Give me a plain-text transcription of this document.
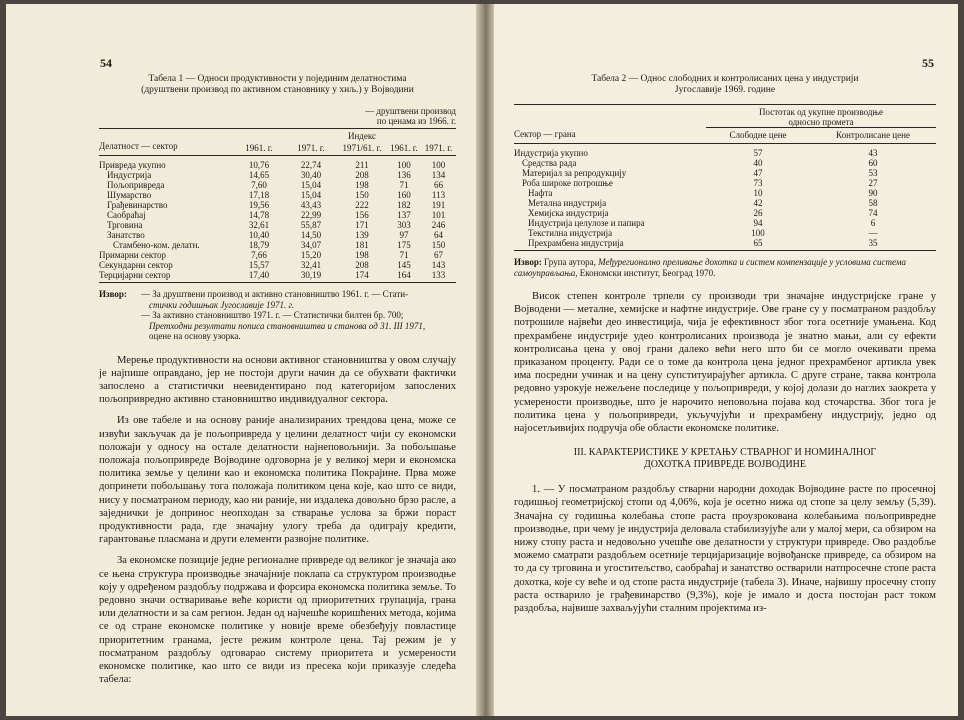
54
Табела 1 — Односи продуктивности у појединим делатностима
(друштвени производ по активном становнику у хиљ.) у Војводини
— друштвени производ
по ценама из 1966. г.
			Индекс		
Делатност — сектор	1961. г.	1971. г.	1971/61. г.	1961. г.	1971. г.
Привреда укупно	10,76	22,74	211	100	100
Индустрија	14,65	30,40	208	136	134
Пољопривреда	7,60	15,04	198	71	66
Шумарство	17,18	15,04	150	160	113
Грађевинарство	19,56	43,43	222	182	191
Саобраћај	14,78	22,99	156	137	101
Трговина	32,61	55,87	171	303	246
Занатство	10,40	14,50	139	97	64
Стамбено-ком. делатн.	18,79	34,07	181	175	150
Примарни сектор	7,66	15,20	198	71	67
Секундарни сектор	15,57	32,41	208	145	143
Терцијарни сектор	17,40	30,19	174	164	133
Извор:	— За друштвени производ и активно становништво 1961. г. — Стати-
стички годишњак Југославије 1971. г.
— За активно становништво 1971. г. — Статистички билтен бр. 700;
Претходни резултати пописа становништва и станова од 31. III 1971,
оцене на основу узорка.

Мерење продуктивности на основи активног становништва у овом случају је најпише оправдано, јер не постоји други начин да се обухвати фактички запослено а статистички неевидентирано под категоријом запослених пољопривредно активно становништво индивидуалног сектора.

Из ове табеле и на основу раније анализираних трендова цена, може се извући закључак да је пољопривреда у целини делатност чији су економски положаји у односу на остале делатности најнеповољнији. За побољшање положаја пољопривреде Војводине одговорна је у великој мери и економска политика земље у целини као и економска политика Покрајине. Прва може допринети побољшању тога положаја политиком цена које, као што се види, нису у посматраном периоду, као ни раније, ни издалека довољно брзо расле, а заједнички је допринос неопходан за стварање услова за бржи пораст продуктивности рада, где значајну улогу треба да одиграју кредити, гарантовање пласмана и други елементи развојне политике.

За економске позиције једне регионалне привреде од великог је значаја ако се њена структура производње значајније поклапа са структуром производње коју у одређеном раздобљу подржава и форсира економска политика земље. То редовно значи остваривање веће користи од приоритетних групација, грана или делатности и за сам регион. Један од најчешће коришћених метода, којима се од стране економске политике у новије време обезбеђују повластице приоритетним гранама, јесте режим контроле цена. Тај режим је у посматраном раздобљу одговарао систему приоритета и усмерености економске политике, као што се види из пресека који приказује следећа табела:

55
Табела 2 — Однос слободних и контролисаних цена у индустрији
Југославије 1969. године
Сектор — грана	Постотак од укупне производње
односно промета	

	Слободне цене	Контролисане цене
Индустрија укупно	57	43
Средства рада	40	60
Материјал за репродукцију	47	53
Роба широке потрошње	73	27
Нафта	10	90
Метална индустрија	42	58
Хемијска индустрија	26	74
Индустрија целулозе и папира	94	6
Текстилна индустрија	100	—
Прехрамбена индустрија	65	35
Извор: Група аутора, Међурегионално преливање дохотка и систем компензације у условима система самоуправљања, Економски институт, Београд 1970.

Висок степен контроле трпели су производи три значајне индустријске гране у Војводени — металне, хемијске и нафтне индустрије. Ове гране су у посматраном раздобљу потрошиле највећи део инвестиција, чија је ефективност због тога осетније умањена. Код прехрамбене индустрије удео контролисаних производа је знатно мањи, али су ефекти контролисања цена у овој грани далеко већи него што би се могло очекивати према приказаном проценту. Ради се о томе да контрола цена једног прехрамбеног артикла увек има посредни учинак и на цену супституирајућег артикла. С друге стране, таква контрола редовно узрокује нежељене последице у пољопривреди, у којој долази до наглих заокрета у усмерености производње, што је нарочито неповољна појава код сточарства. Због тога је политика цена у пољопривреди, укључујући и прехрамбену индустрију, једно од најосетљивијих подручја обе области економске политике.

III. КАРАКТЕРИСТИКЕ У КРЕТАЊУ СТВАРНОГ И НОМИНАЛНОГ
ДОХОТКА ПРИВРЕДЕ ВОЈВОДИНЕ

1. — У посматраном раздобљу стварни народни доходак Војводине расте по просечној годишњој геометријској стопи од 4,06%, која је осетно нижа од стопе за целу земљу (5,39). Значајна су годишња колебања стопе раста проузрокована колебањима пољопривредне производње, при чему је индустрија деловала стабилизујуће али у малој мери, са обзиром на нижу стопу раста и недовољно учешће ове делатности у структури привреде. Ово раздобље можемо сматрати раздобљем осетније терцијаризације војвођанске привреде, са обзиром на то да су трговина и угоститељство, саобраћај и занатство остварили натпросечне стопе раста дохотка, које су веће и од стопе раста индустрије (табела 3). Иначе, највишу просечну стопу раста остварило је грађевинарство (9,3%), које је имало и доста постојан раст током раздобља, највише захваљујући сталним пројектима из-
